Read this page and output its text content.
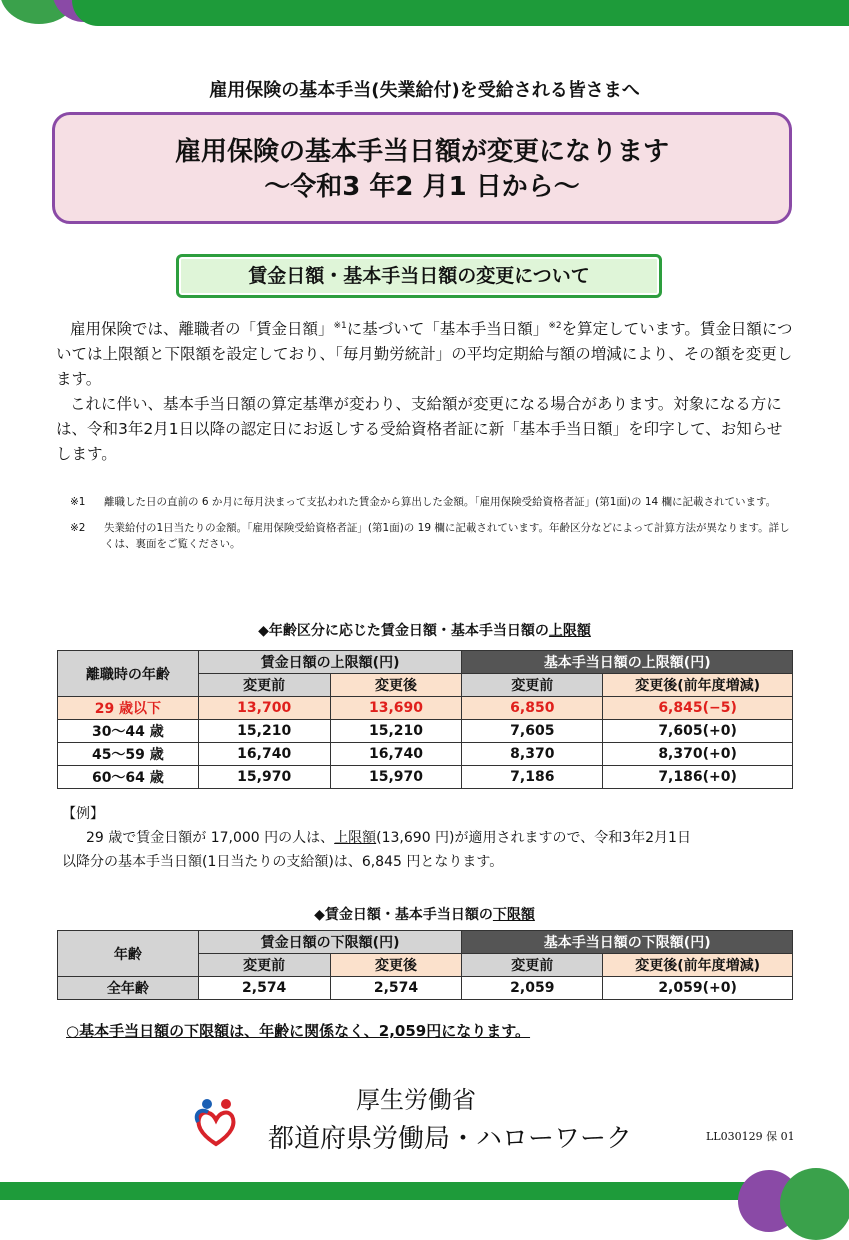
雇用保険の基本手当(失業給付)を受給される皆さまへ
雇用保険の基本手当日額が変更になります
〜令和3 年2 月1 日から〜
賃金日額・基本手当日額の変更について

雇用保険では、離職者の「賃金日額」$^{※1}$に基づいて「基本手当日額」$^{※2}$を算定しています。賃金日額については上限額と下限額を設定しており、「毎月勤労統計」の平均定期給与額の増減により、その額を変更します。

これに伴い、基本手当日額の算定基準が変わり、支給額が変更になる場合があります。対象になる方には、令和3年2月1日以降の認定日にお返しする受給資格者証に新「基本手当日額」を印字して、お知らせします。

※1	離職した日の直前の 6 か月に毎月決まって支払われた賃金から算出した金額。「雇用保険受給資格者証」(第1面)の 14 欄に記載されています。
※2	失業給付の1日当たりの金額。「雇用保険受給資格者証」(第1面)の 19 欄に記載されています。年齢区分などによって計算方法が異なります。詳しくは、裏面をご覧ください。
◆年齢区分に応じた賃金日額・基本手当日額の上限額
離職時の年齢	賃金日額の上限額(円)		基本手当日額の上限額(円)	
	変更前	変更後	変更前	変更後(前年度増減)
29 歳以下	13,700	13,690	6,850	6,845(−5)
30〜44 歳	15,210	15,210	7,605	7,605(+0)
45〜59 歳	16,740	16,740	8,370	8,370(+0)
60〜64 歳	15,970	15,970	7,186	7,186(+0)
【例】
29 歳で賃金日額が 17,000 円の人は、上限額(13,690 円)が適用されますので、令和3年2月1日
以降分の基本手当日額(1日当たりの支給額)は、6,845 円となります。
◆賃金日額・基本手当日額の下限額
年齢	賃金日額の下限額(円)		基本手当日額の下限額(円)	
	変更前	変更後	変更前	変更後(前年度増減)
全年齢	2,574	2,574	2,059	2,059(+0)
○基本手当日額の下限額は、年齢に関係なく、2,059円になります。
厚生労働省
都道府県労働局・ハローワーク	LL030129 保 01
